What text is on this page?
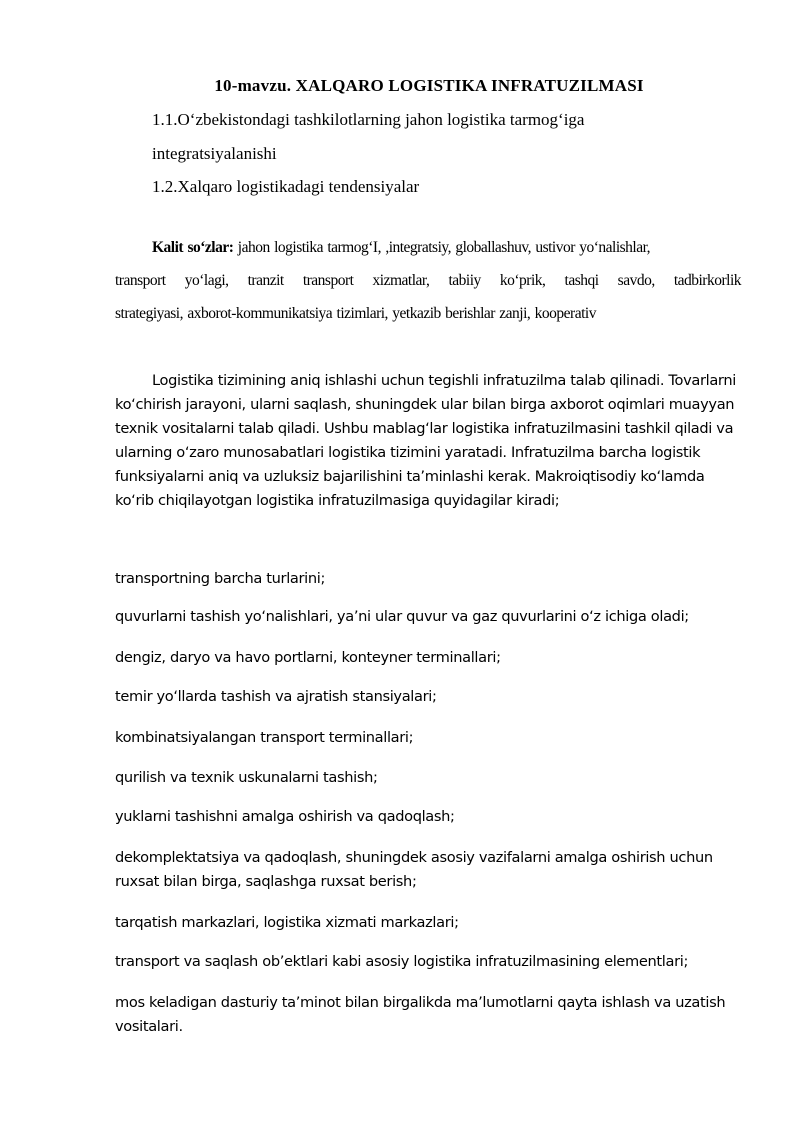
10-mavzu. XALQARO LOGISTIKA INFRATUZILMASI
1.1.O‘zbekistondagi tashkilotlarning jahon logistika tarmog‘iga
integratsiyalanishi
1.2.Xalqaro logistikadagi tendensiyalar
Kalit so‘zlar: jahon logistika tarmog‘I, ,integratsiy, globallashuv, ustivor yo‘nalishlar,
transport yo‘lagi, tranzit transport xizmatlar, tabiiy ko‘prik, tashqi savdo, tadbirkorlik
strategiyasi, axborot-kommunikatsiya tizimlari, yetkazib berishlar zanji, kooperativ

Logistika tizimining aniq ishlashi uchun tegishli infratuzilma talab qilinadi. Tovarlarni ko‘chirish jarayoni, ularni saqlash, shuningdek ular bilan birga axborot oqimlari muayyan texnik vositalarni talab qiladi. Ushbu mablag‘lar logistika infratuzilmasini tashkil qiladi va ularning o‘zaro munosabatlari logistika tizimini yaratadi. Infratuzilma barcha logistik funksiyalarni aniq va uzluksiz bajarilishini ta’minlashi kerak. Makroiqtisodiy ko‘lamda ko‘rib chiqilayotgan logistika infratuzilmasiga quyidagilar kiradi;

transportning barcha turlarini;

quvurlarni tashish yo‘nalishlari, ya’ni ular quvur va gaz quvurlarini o‘z ichiga oladi;

dengiz, daryo va havo portlarni, konteyner terminallari;

temir yo‘llarda tashish va ajratish stansiyalari;

kombinatsiyalangan transport terminallari;

qurilish va texnik uskunalarni tashish;

yuklarni tashishni amalga oshirish va qadoqlash;

dekomplektatsiya va qadoqlash, shuningdek asosiy vazifalarni amalga oshirish uchun ruxsat bilan birga, saqlashga ruxsat berish;

tarqatish markazlari, logistika xizmati markazlari;

transport va saqlash ob’ektlari kabi asosiy logistika infratuzilmasining elementlari;

mos keladigan dasturiy ta’minot bilan birgalikda ma’lumotlarni qayta ishlash va uzatish vositalari.
